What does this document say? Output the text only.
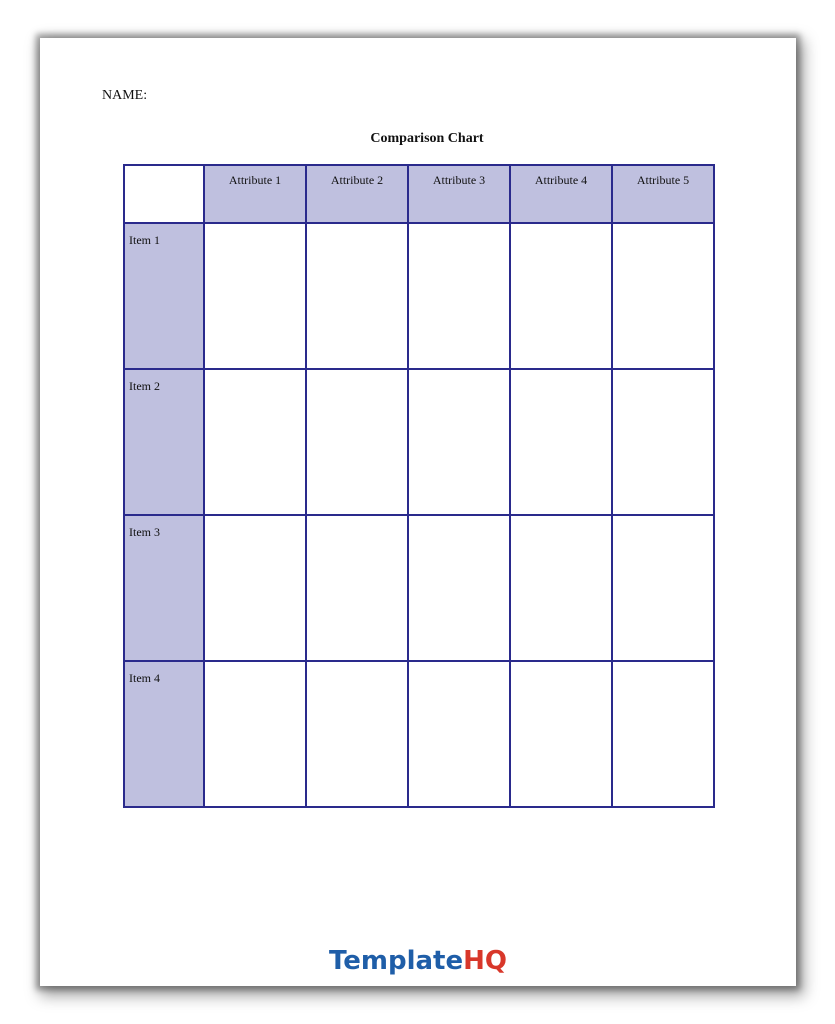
NAME:
Comparison Chart

	Attribute 1	Attribute 2	Attribute 3	Attribute 4	Attribute 5

Item 1					

Item 2					

Item 3					

Item 4					

TemplateHQ
